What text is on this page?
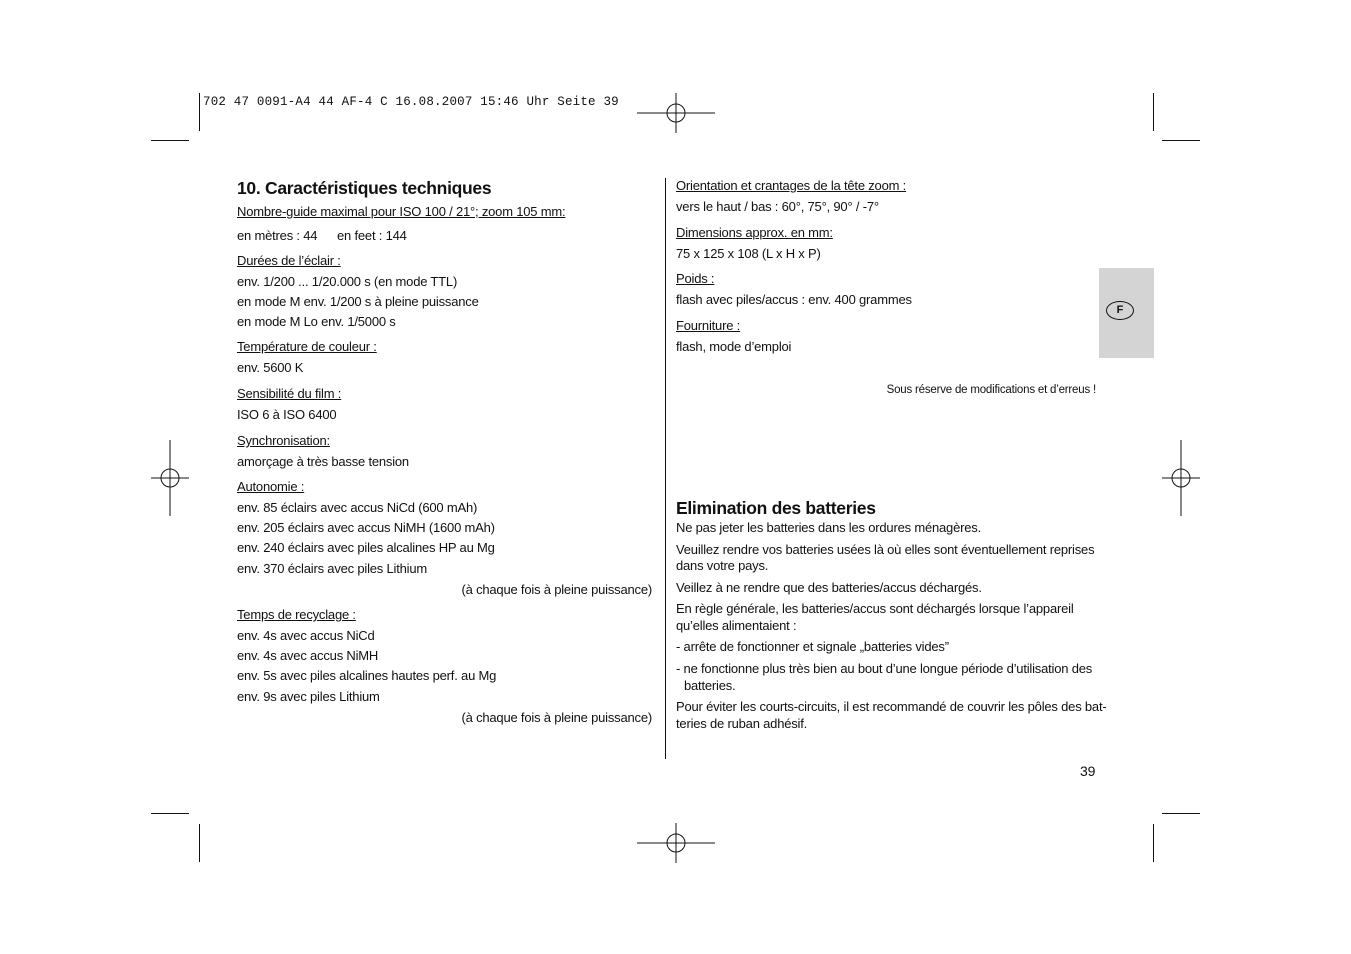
702 47 0091-A4 44 AF-4 C 16.08.2007 15:46 Uhr Seite 39
10. Caractéristiques techniques
Nombre-guide maximal pour ISO 100 / 21°; zoom 105 mm:
en mètres : 44 en feet : 144
Durées de l’éclair :
env. 1/200 ... 1/20.000 s (en mode TTL)
en mode M env. 1/200 s à pleine puissance
en mode M Lo env. 1/5000 s
Température de couleur :
env. 5600 K
Sensibilité du film :
ISO 6 à ISO 6400
Synchronisation:
amorçage à très basse tension
Autonomie :
env. 85 éclairs avec accus NiCd (600 mAh)
env. 205 éclairs avec accus NiMH (1600 mAh)
env. 240 éclairs avec piles alcalines HP au Mg
env. 370 éclairs avec piles Lithium
(à chaque fois à pleine puissance)
Temps de recyclage :
env. 4s avec accus NiCd
env. 4s avec accus NiMH
env. 5s avec piles alcalines hautes perf. au Mg
env. 9s avec piles Lithium
(à chaque fois à pleine puissance)
Orientation et crantages de la tête zoom :
vers le haut / bas : 60°, 75°, 90° / -7°
Dimensions approx. en mm:
75 x 125 x 108 (L x H x P)
Poids :
flash avec piles/accus : env. 400 grammes
Fourniture :
flash, mode d’emploi
Sous réserve de modifications et d’erreus !
Elimination des batteries
Ne pas jeter les batteries dans les ordures ménagères.
Veuillez rendre vos batteries usées là où elles sont éventuellement reprises
dans votre pays.
Veillez à ne rendre que des batteries/accus déchargés.
En règle générale, les batteries/accus sont déchargés lorsque l’appareil
qu’elles alimentaient :
- arrête de fonctionner et signale „batteries vides”
- ne fonctionne plus très bien au bout d’une longue période d’utilisation des
batteries.
Pour éviter les courts-circuits, il est recommandé de couvrir les pôles des bat-
teries de ruban adhésif.
F
39
